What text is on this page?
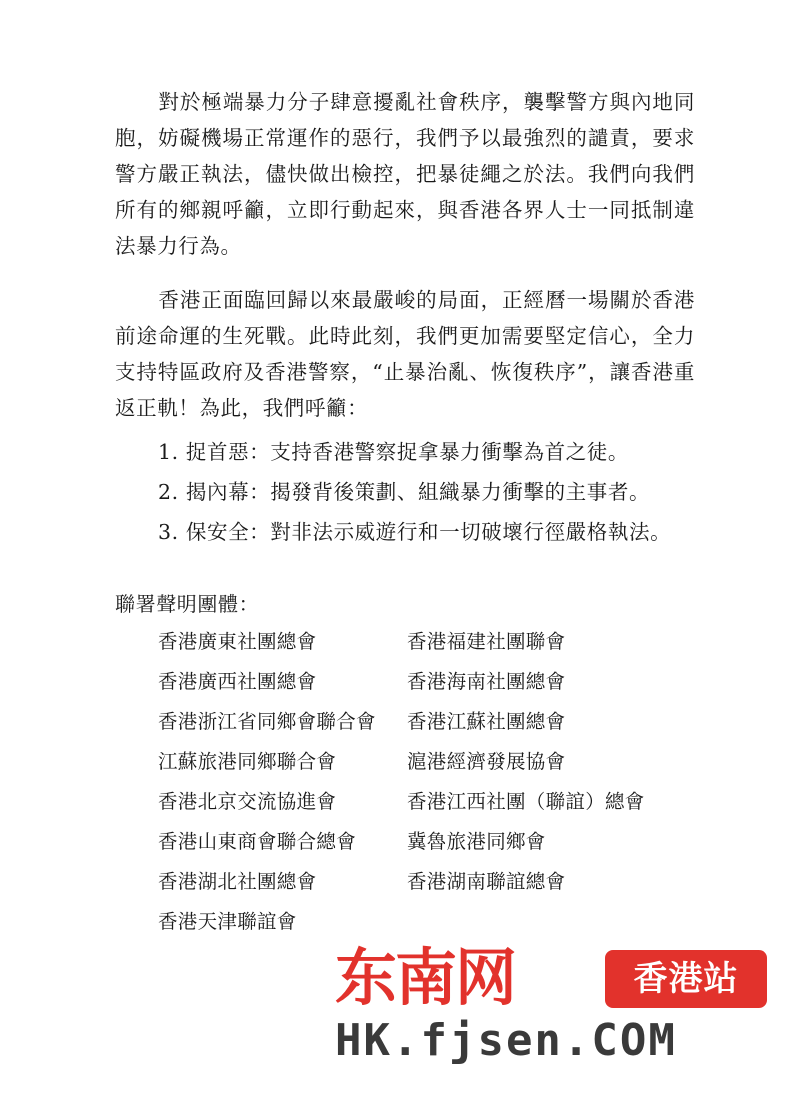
對於極端暴力分子肆意擾亂社會秩序，襲擊警方與內地同胞，妨礙機場正常運作的惡行，我們予以最強烈的譴責，要求警方嚴正執法，儘快做出檢控，把暴徒繩之於法。我們向我們所有的鄉親呼籲，立即行動起來，與香港各界人士一同抵制違法暴力行為。

香港正面臨回歸以來最嚴峻的局面，正經曆一場關於香港前途命運的生死戰。此時此刻，我們更加需要堅定信心，全力支持特區政府及香港警察，“止暴治亂、恢復秩序”，讓香港重返正軌！為此，我們呼籲：

1. 捉首惡：支持香港警察捉拿暴力衝擊為首之徒。
2. 揭內幕：揭發背後策劃、組織暴力衝擊的主事者。
3. 保安全：對非法示威遊行和一切破壞行徑嚴格執法。
聯署聲明團體：
香港廣東社團總會	香港福建社團聯會
香港廣西社團總會	香港海南社團總會
香港浙江省同鄉會聯合會	香港江蘇社團總會
江蘇旅港同鄉聯合會	滬港經濟發展協會
香港北京交流協進會	香港江西社團（聯誼）總會
香港山東商會聯合總會	冀魯旅港同鄉會
香港湖北社團總會	香港湖南聯誼總會
香港天津聯誼會
东南网	香港站
HK.fjsen.COM
